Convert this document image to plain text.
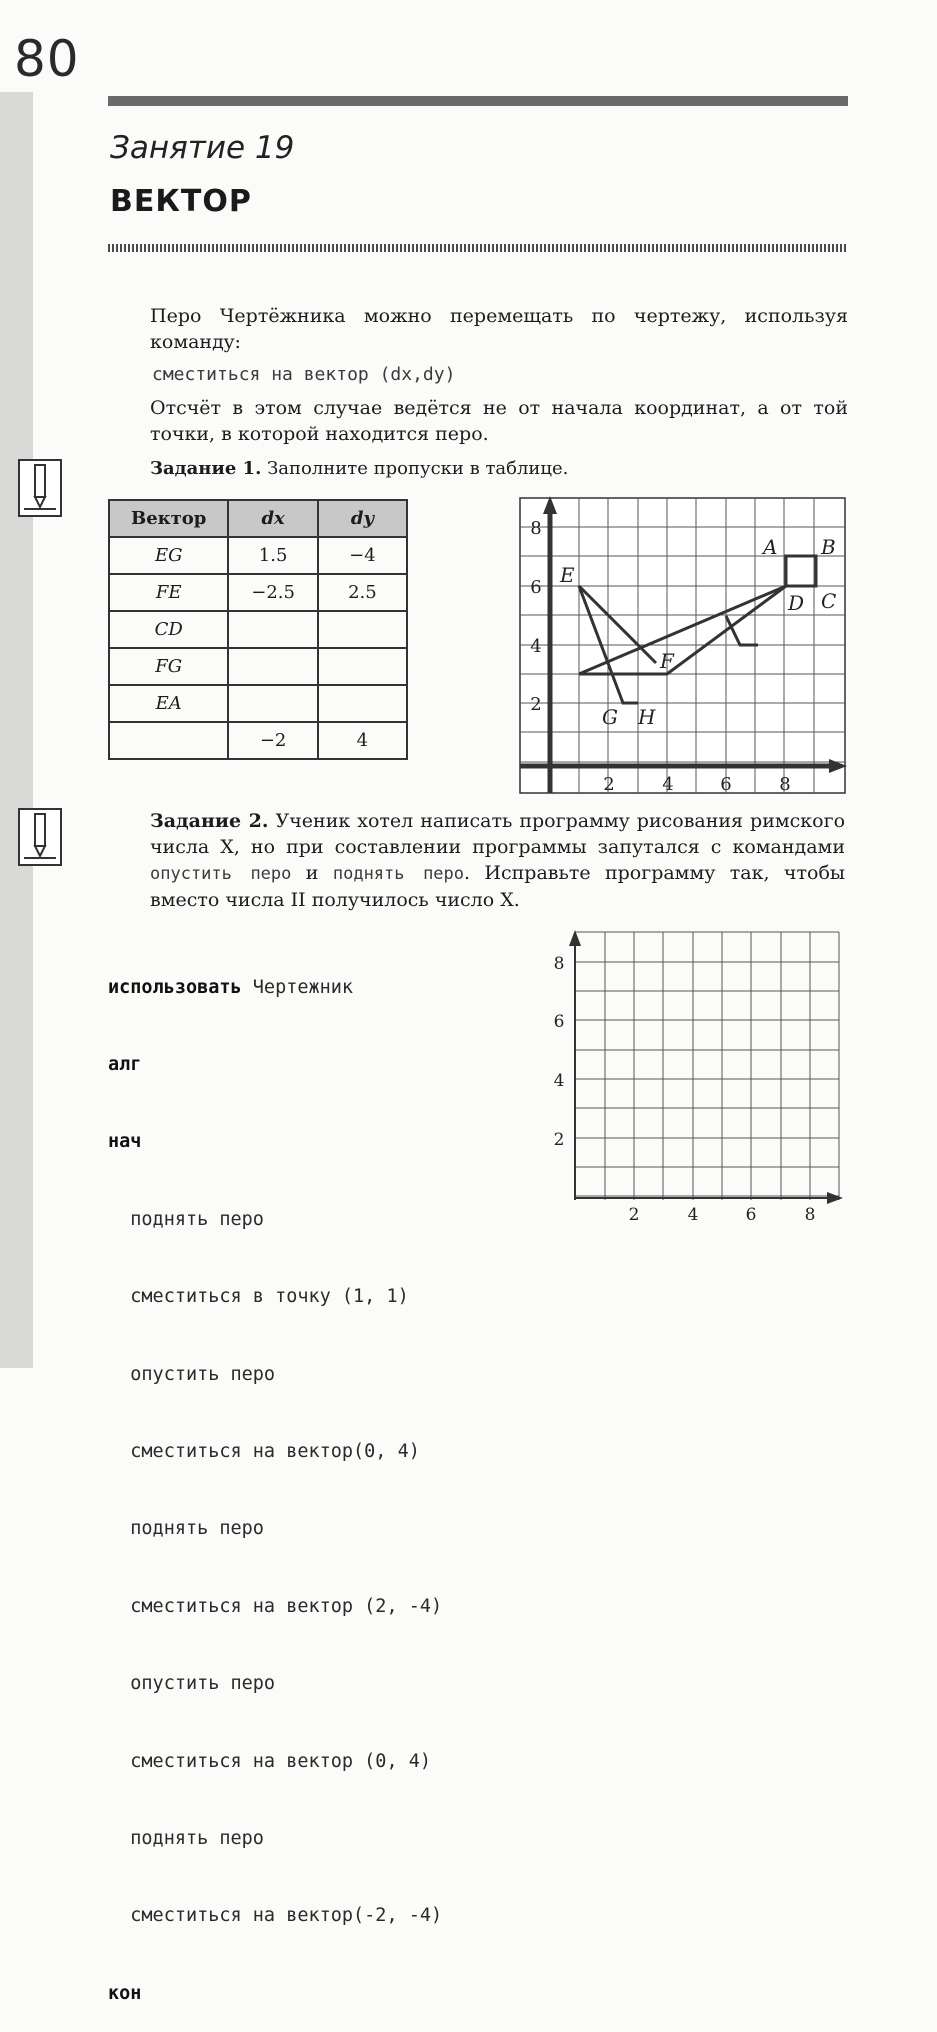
80
Занятие 19
ВЕКТОР
Перо Чертёжника можно перемещать по чертежу, используя командy:
сместиться на вектор (dx,dy)
Отсчёт в этом случае ведётся не от начала координат, а от той точки, в которой находится перо.
Задание 1. Заполните пропуски в таблице.
Вектор	dx	dy
EG	1.5	−4
FE	−2.5	2.5
CD		
FG		
EA		
	−2	4
2
4
6
8
2	4	6	8
A B
C
D
E
F
G H
Задание 2. Ученик хотел написать программу рисования римского числа X, но при составлении программы запутался с командами опустить перо и поднять перо. Исправьте программу так, чтобы вместо числа II получилось число X.

использовать Чертежник

алг

нач

поднять перо

сместиться в точку (1, 1)

опустить перо

сместиться на вектор(0, 4)

поднять перо

сместиться на вектор (2, -4)

опустить перо

сместиться на вектор (0, 4)

поднять перо

сместиться на вектор(-2, -4)

кон

2
4
6
8
2	4	6	8
